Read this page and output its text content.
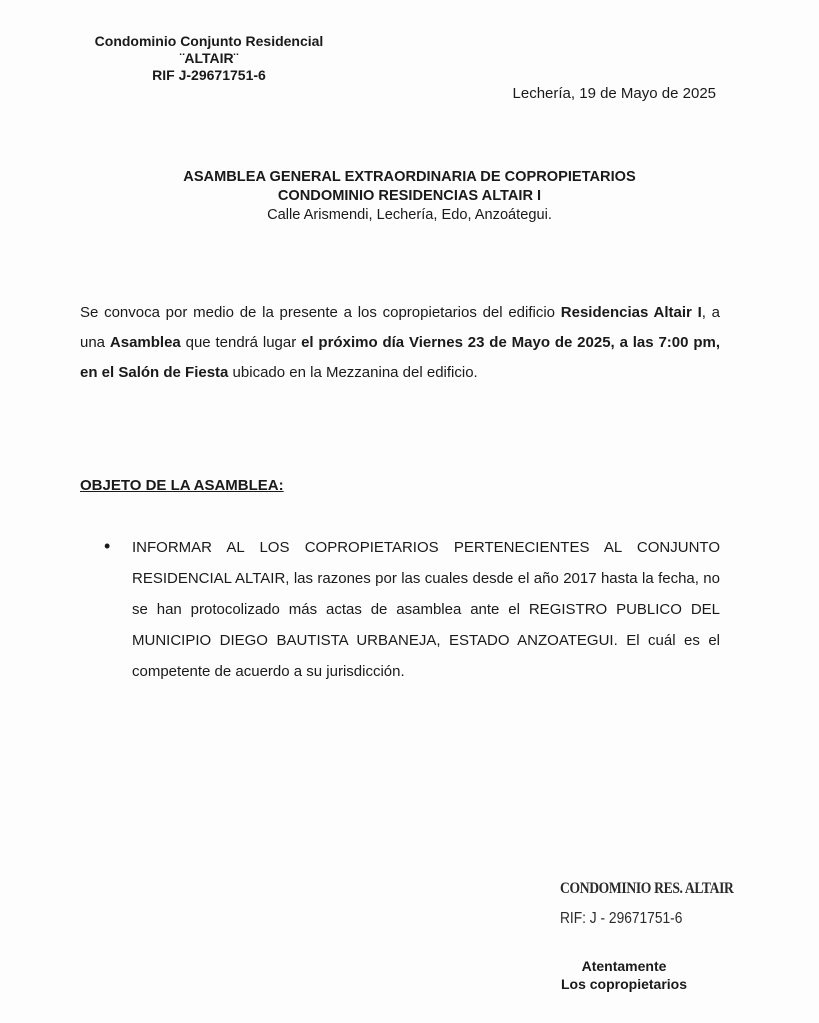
Condominio Conjunto Residencial
¨ALTAIR¨
RIF J-29671751-6
Lechería, 19 de Mayo de 2025
ASAMBLEA GENERAL EXTRAORDINARIA DE COPROPIETARIOS
CONDOMINIO RESIDENCIAS ALTAIR I
Calle Arismendi, Lechería, Edo, Anzoátegui.

Se convoca por medio de la presente a los copropietarios del edificio Residencias Altair I, a una Asamblea que tendrá lugar el próximo día Viernes 23 de Mayo de 2025, a las 7:00 pm, en el Salón de Fiesta ubicado en la Mezzanina del edificio.

OBJETO DE LA ASAMBLEA:
• INFORMAR AL LOS COPROPIETARIOS PERTENECIENTES AL CONJUNTO RESIDENCIAL ALTAIR, las razones por las cuales desde el año 2017 hasta la fecha, no se han protocolizado más actas de asamblea ante el REGISTRO PUBLICO DEL MUNICIPIO DIEGO BAUTISTA URBANEJA, ESTADO ANZOATEGUI. El cuál es el competente de acuerdo a su jurisdicción.
CONDOMINIO RES. ALTAIR
RIF: J - 29671751-6
Atentamente
Los copropietarios
